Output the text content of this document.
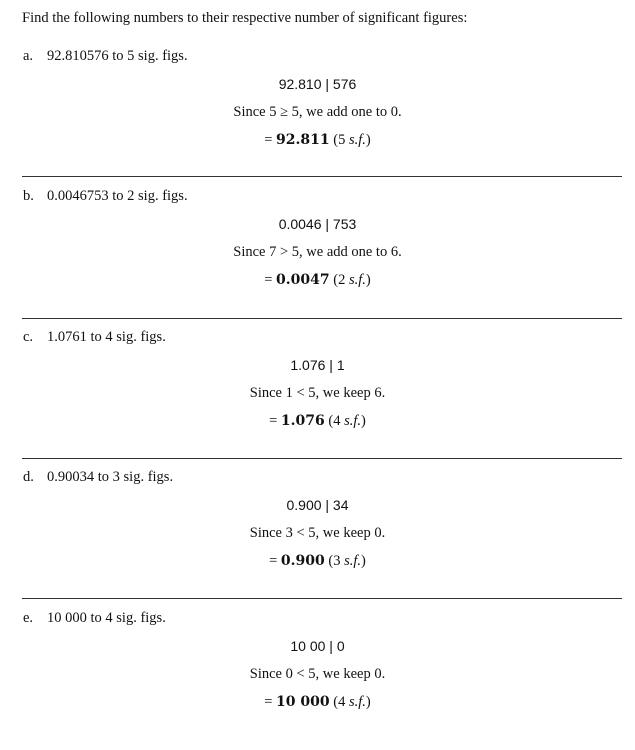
Find the following numbers to their respective number of significant figures:
a. 92.810576 to 5 sig. figs.
92.810 | 576
Since 5 ≥ 5, we add one to 0.
= 92.811 (5 s.f.)
b. 0.0046753 to 2 sig. figs.
0.0046 | 753
Since 7 > 5, we add one to 6.
= 0.0047 (2 s.f.)
c. 1.0761 to 4 sig. figs.
1.076 | 1
Since 1 < 5, we keep 6.
= 1.076 (4 s.f.)
d. 0.90034 to 3 sig. figs.
0.900 | 34
Since 3 < 5, we keep 0.
= 0.900 (3 s.f.)
e. 10 000 to 4 sig. figs.
10 00 | 0
Since 0 < 5, we keep 0.
= 10 000 (4 s.f.)
